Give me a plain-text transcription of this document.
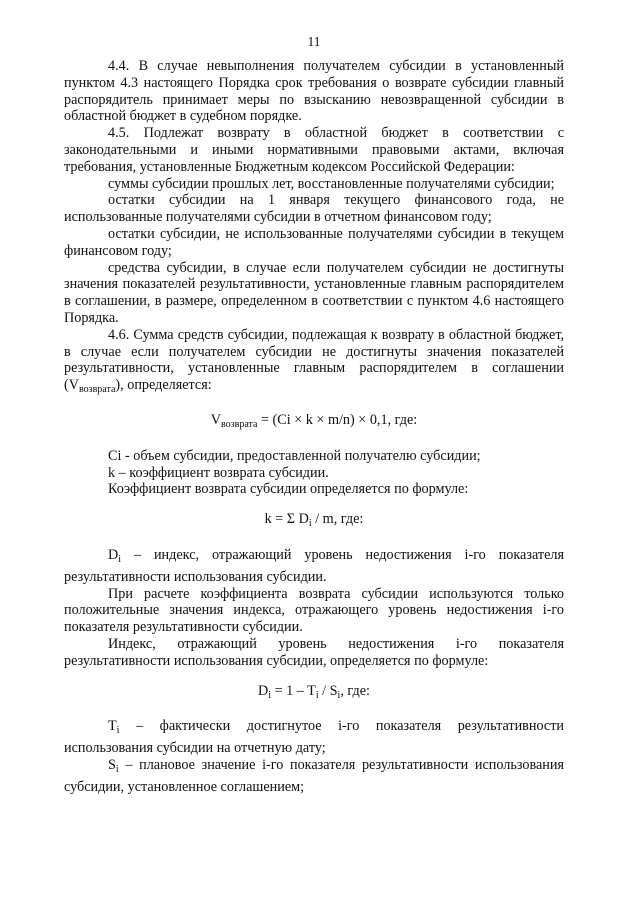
11

4.4. В случае невыполнения получателем субсидии в установленный пунктом 4.3 настоящего Порядка срок требования о возврате субсидии главный распорядитель принимает меры по взысканию невозвращенной субсидии в областной бюджет в судебном порядке.

4.5. Подлежат возврату в областной бюджет в соответствии с законодательными и иными нормативными правовыми актами, включая требования, установленные Бюджетным кодексом Российской Федерации:

суммы субсидии прошлых лет, восстановленные получателями субсидии;

остатки субсидии на 1 января текущего финансового года, не использованные получателями субсидии в отчетном финансовом году;

остатки субсидии, не использованные получателями субсидии в текущем финансовом году;

средства субсидии, в случае если получателем субсидии не достигнуты значения показателей результативности, установленные главным распорядителем в соглашении, в размере, определенном в соответствии с пунктом 4.6 настоящего Порядка.

4.6. Сумма средств субсидии, подлежащая к возврату в областной бюджет, в случае если получателем субсидии не достигнуты значения показателей результативности, установленные главным распорядителем в соглашении $(V_{возврата})$, определяется:

$V_{возврата} = (Ci \times k \times m/n) \times 0,1$, где:

Ci - объем субсидии, предоставленной получателю субсидии;

k – коэффициент возврата субсидии.

Коэффициент возврата субсидии определяется по формуле:

k = Σ $D_i$ / m, где:

$D_i$ – индекс, отражающий уровень недостижения i-го показателя результативности использования субсидии.

При расчете коэффициента возврата субсидии используются только положительные значения индекса, отражающего уровень недостижения i-го показателя результативности субсидии.

Индекс, отражающий уровень недостижения i-го показателя результативности использования субсидии, определяется по формуле:

$D_i = 1 - T_i / S_i$, где:

$T_i$ – фактически достигнутое i-го показателя результативности использования субсидии на отчетную дату;

$S_i$ – плановое значение i-го показателя результативности использования субсидии, установленное соглашением;
